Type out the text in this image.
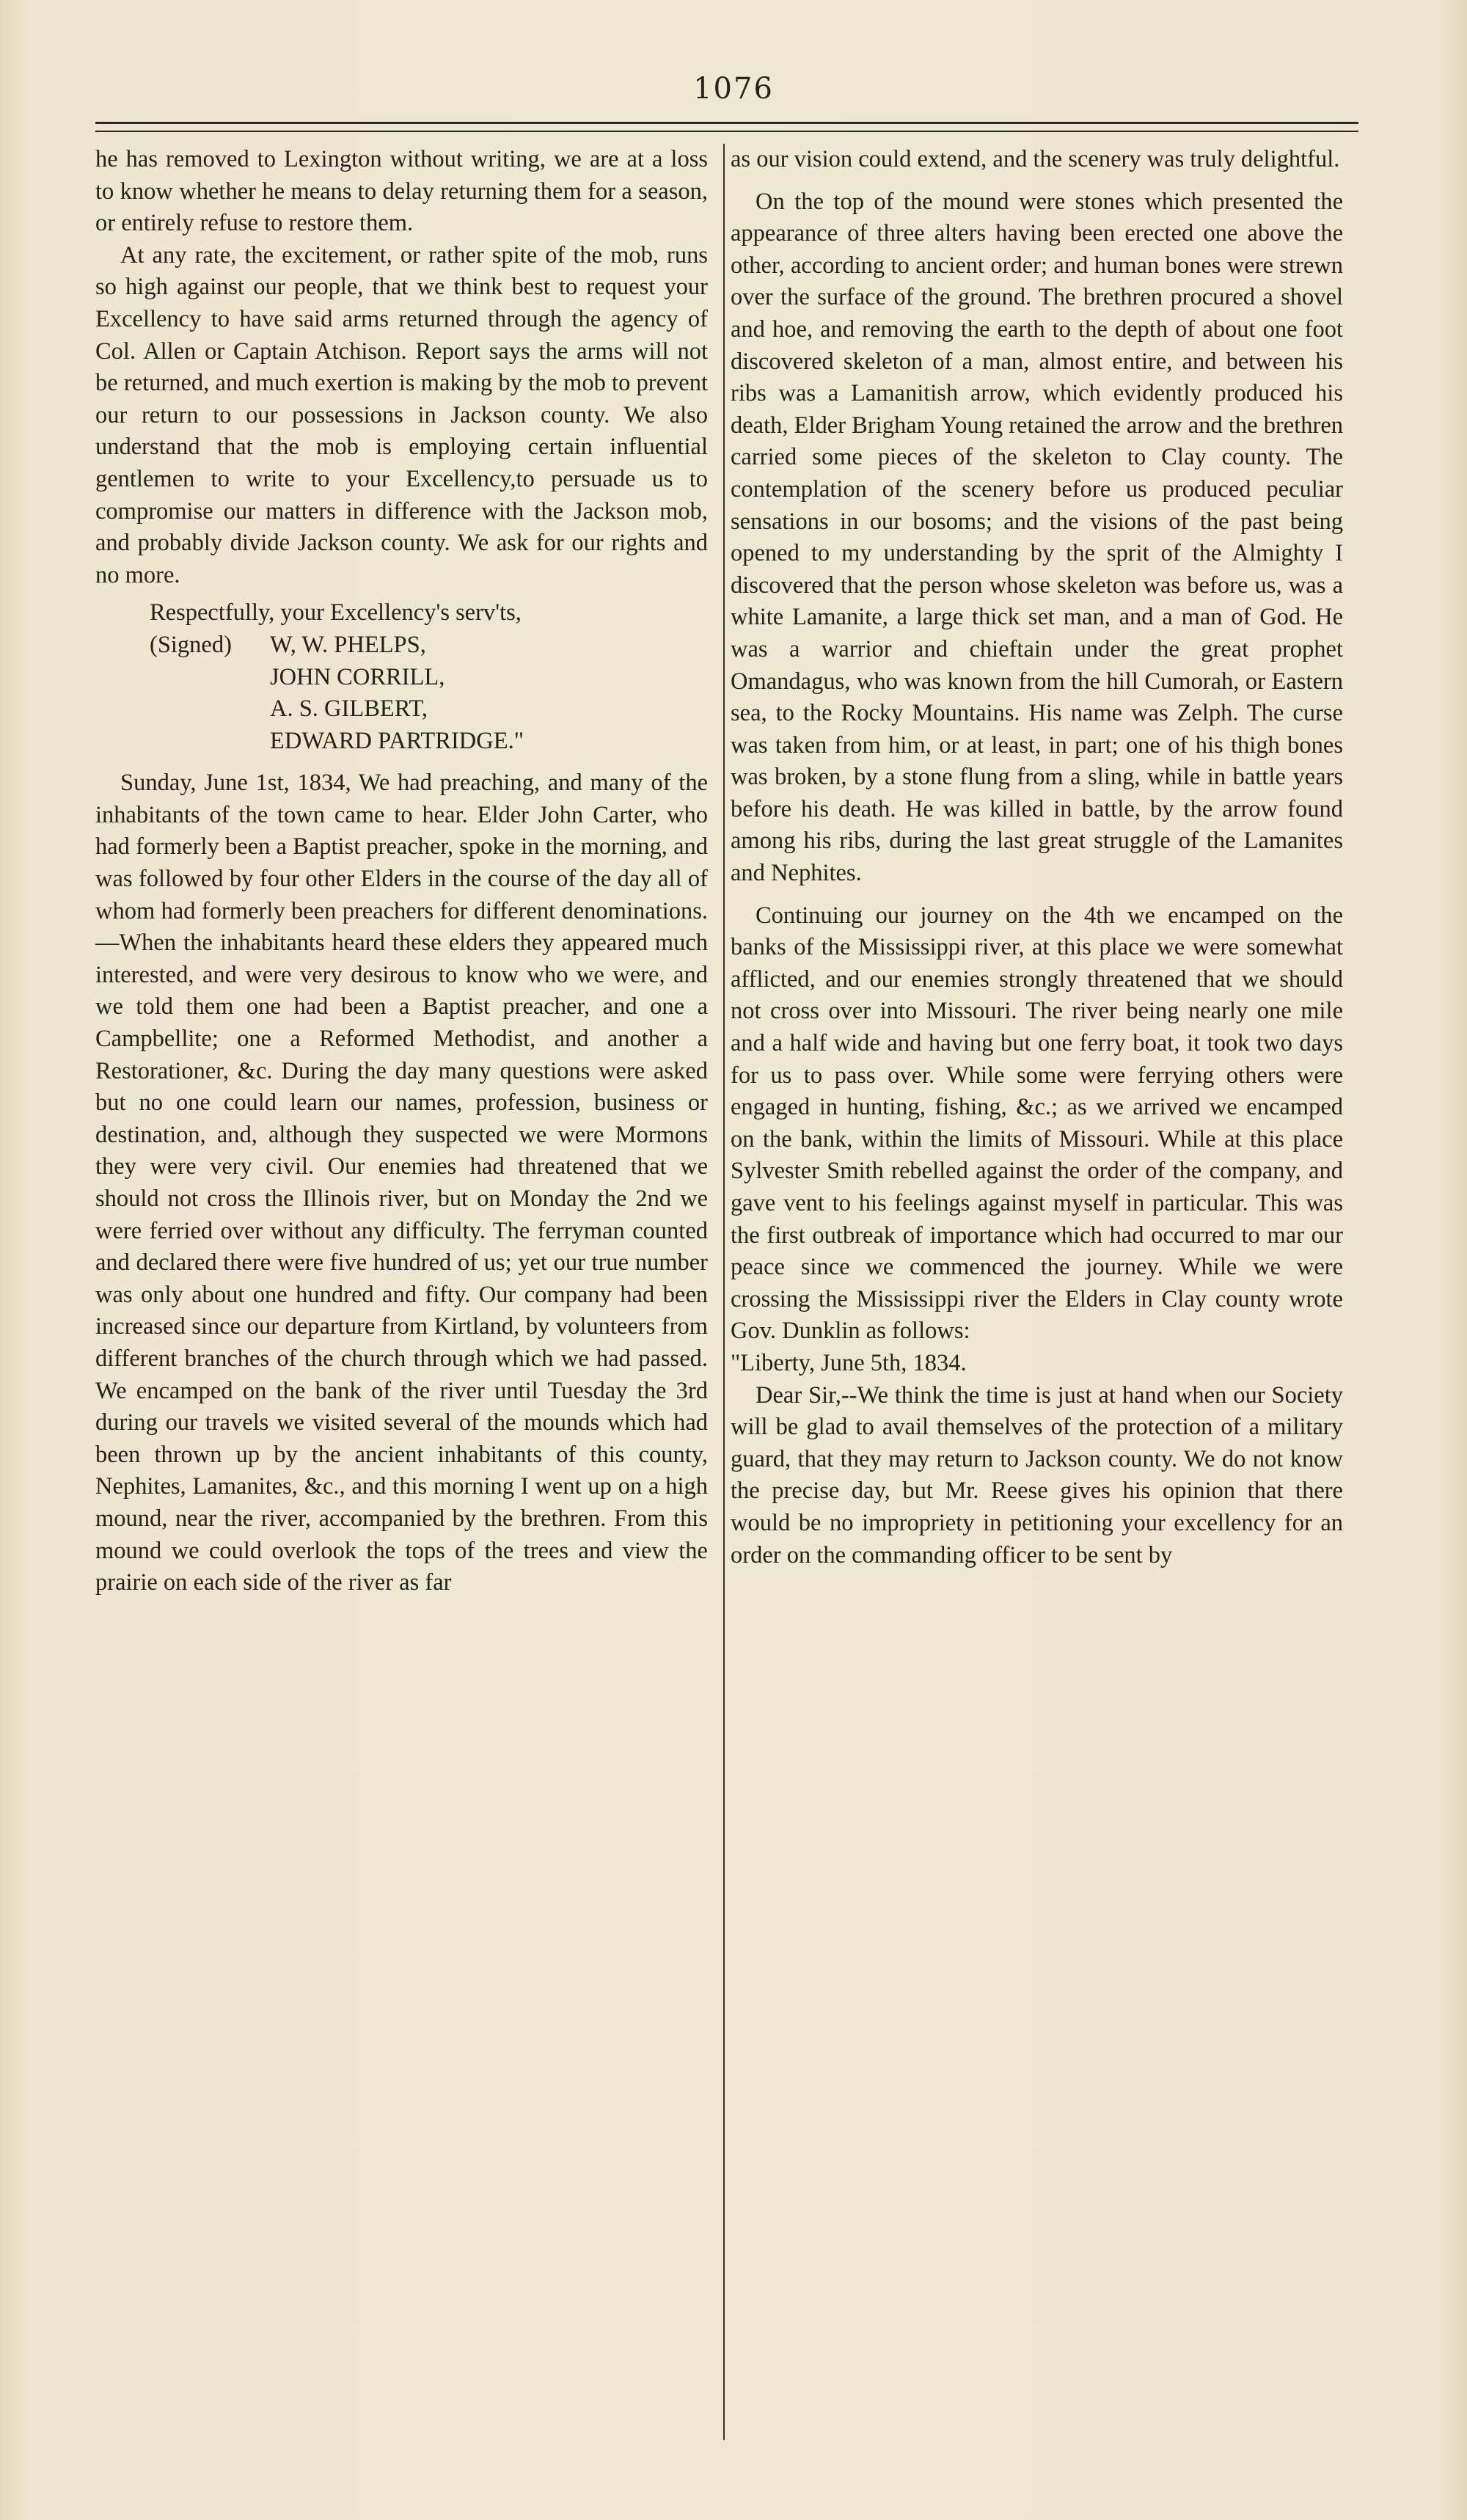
1076

he has removed to Lexington without writing, we are at a loss to know whether he means to delay returning them for a season, or entirely refuse to restore them.

At any rate, the excitement, or rather spite of the mob, runs so high against our people, that we think best to request your Excellency to have said arms returned through the agency of Col. Allen or Captain Atchison. Report says the arms will not be returned, and much exertion is making by the mob to prevent our return to our possessions in Jackson county. We also understand that the mob is employing certain influential gentlemen to write to your Excellency,to persuade us to compromise our matters in difference with the Jackson mob, and probably divide Jackson county. We ask for our rights and no more.

Respectfully, your Excellency's serv'ts,
(Signed)	W, W. PHELPS,
JOHN CORRILL,
A. S. GILBERT,
EDWARD PARTRIDGE."

Sunday, June 1st, 1834, We had preaching, and many of the inhabitants of the town came to hear. Elder John Carter, who had formerly been a Baptist preacher, spoke in the morning, and was followed by four other Elders in the course of the day all of whom had formerly been preachers for different denominations.—When the inhabitants heard these elders they appeared much interested, and were very desirous to know who we were, and we told them one had been a Baptist preacher, and one a Campbellite; one a Reformed Methodist, and another a Restorationer, &c. During the day many questions were asked but no one could learn our names, profession, business or destination, and, although they suspected we were Mormons they were very civil. Our enemies had threatened that we should not cross the Illinois river, but on Monday the 2nd we were ferried over without any difficulty. The ferryman counted and declared there were five hundred of us; yet our true number was only about one hundred and fifty. Our company had been increased since our departure from Kirtland, by volunteers from different branches of the church through which we had passed. We encamped on the bank of the river until Tuesday the 3rd during our travels we visited several of the mounds which had been thrown up by the ancient inhabitants of this county, Nephites, Lamanites, &c., and this morning I went up on a high mound, near the river, accompanied by the brethren. From this mound we could overlook the tops of the trees and view the prairie on each side of the river as far

as our vision could extend, and the scenery was truly delightful.

On the top of the mound were stones which presented the appearance of three alters having been erected one above the other, according to ancient order; and human bones were strewn over the surface of the ground. The brethren procured a shovel and hoe, and removing the earth to the depth of about one foot discovered skeleton of a man, almost entire, and between his ribs was a Lamanitish arrow, which evidently produced his death, Elder Brigham Young retained the arrow and the brethren carried some pieces of the skeleton to Clay county. The contemplation of the scenery before us produced peculiar sensations in our bosoms; and the visions of the past being opened to my understanding by the sprit of the Almighty I discovered that the person whose skeleton was before us, was a white Lamanite, a large thick set man, and a man of God. He was a warrior and chieftain under the great prophet Omandagus, who was known from the hill Cumorah, or Eastern sea, to the Rocky Mountains. His name was Zelph. The curse was taken from him, or at least, in part; one of his thigh bones was broken, by a stone flung from a sling, while in battle years before his death. He was killed in battle, by the arrow found among his ribs, during the last great struggle of the Lamanites and Nephites.

Continuing our journey on the 4th we encamped on the banks of the Mississippi river, at this place we were somewhat afflicted, and our enemies strongly threatened that we should not cross over into Missouri. The river being nearly one mile and a half wide and having but one ferry boat, it took two days for us to pass over. While some were ferrying others were engaged in hunting, fishing, &c.; as we arrived we encamped on the bank, within the limits of Missouri. While at this place Sylvester Smith rebelled against the order of the company, and gave vent to his feelings against myself in particular. This was the first outbreak of importance which had occurred to mar our peace since we commenced the journey. While we were crossing the Mississippi river the Elders in Clay county wrote Gov. Dunklin as follows:

"Liberty, June 5th, 1834.

Dear Sir,--We think the time is just at hand when our Society will be glad to avail themselves of the protection of a military guard, that they may return to Jackson county. We do not know the precise day, but Mr. Reese gives his opinion that there would be no impropriety in petitioning your excellency for an order on the commanding officer to be sent by
